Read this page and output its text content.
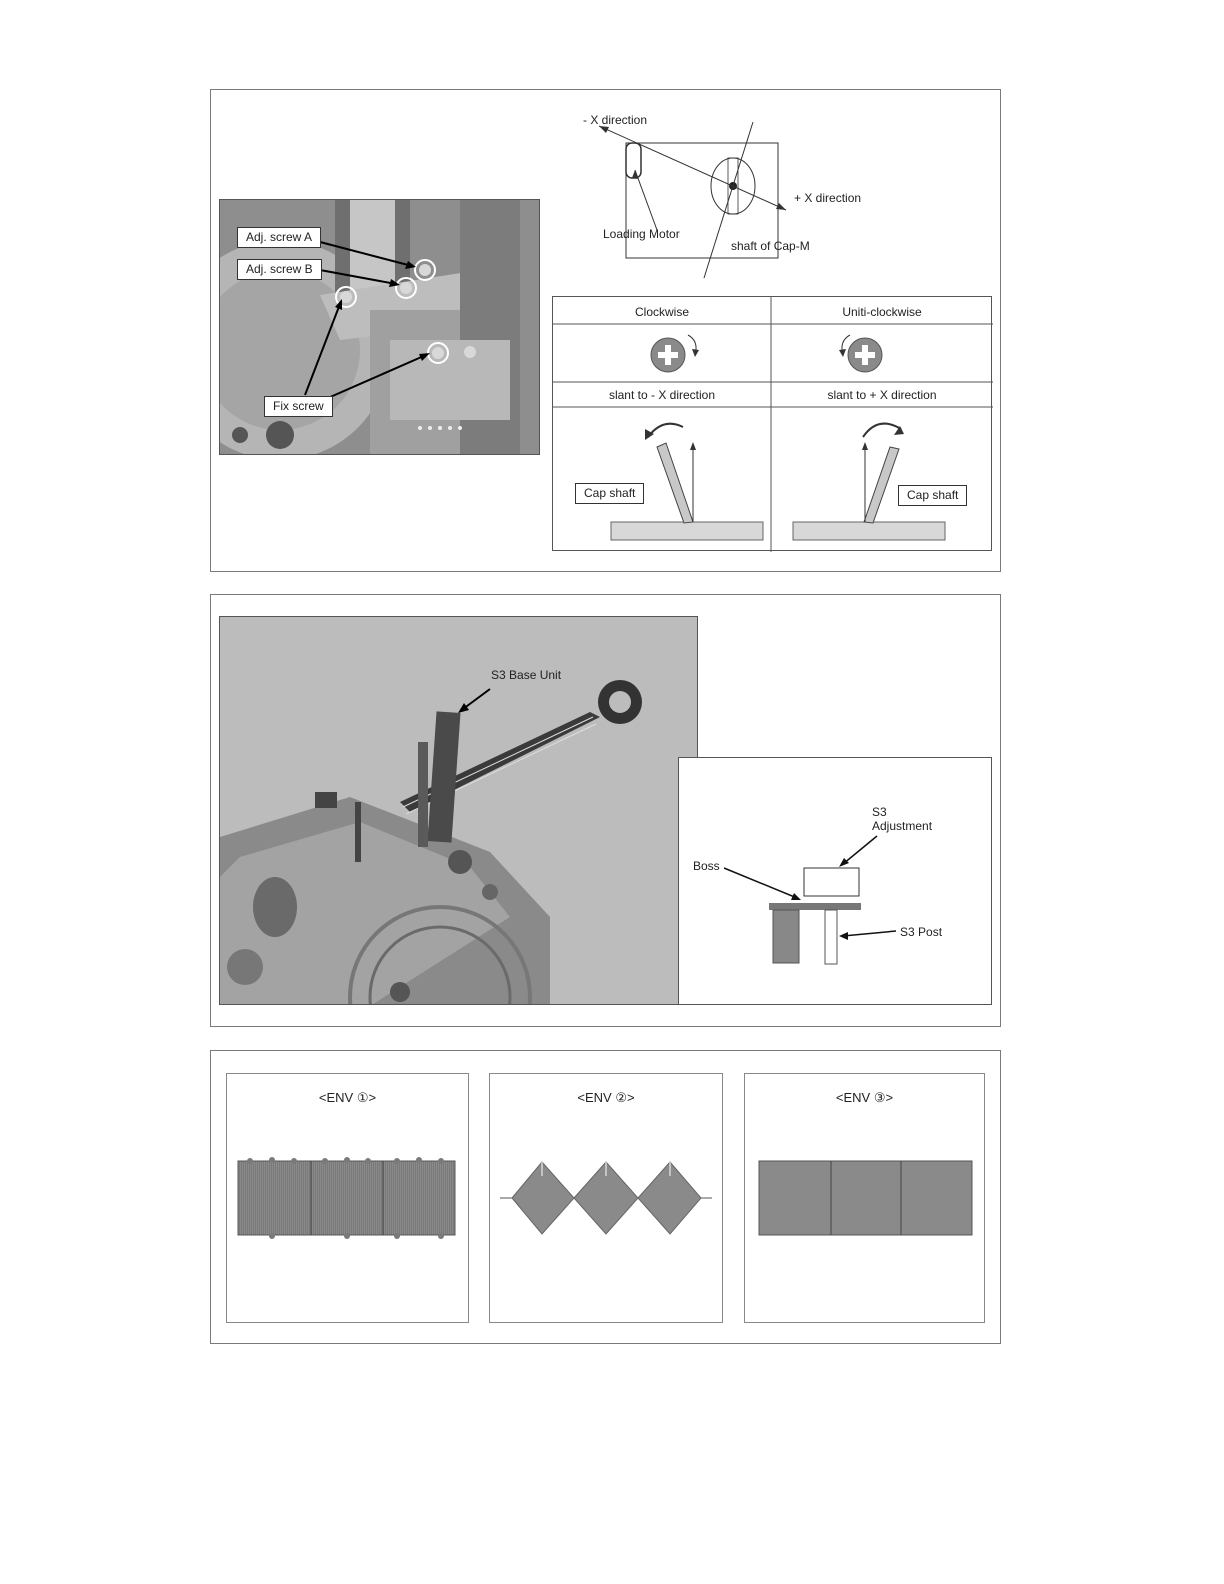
Adj. screw A
Adj. screw B
Fix screw
- X direction
+ X direction
Loading Motor
shaft of Cap-M
Clockwise	Uniti-clockwise
slant to - X direction	slant to + X direction
Cap shaft	Cap shaft
S3 Base Unit
S3
Adjustment
Boss
S3 Post
<ENV ①>	<ENV ②>	<ENV ③>
